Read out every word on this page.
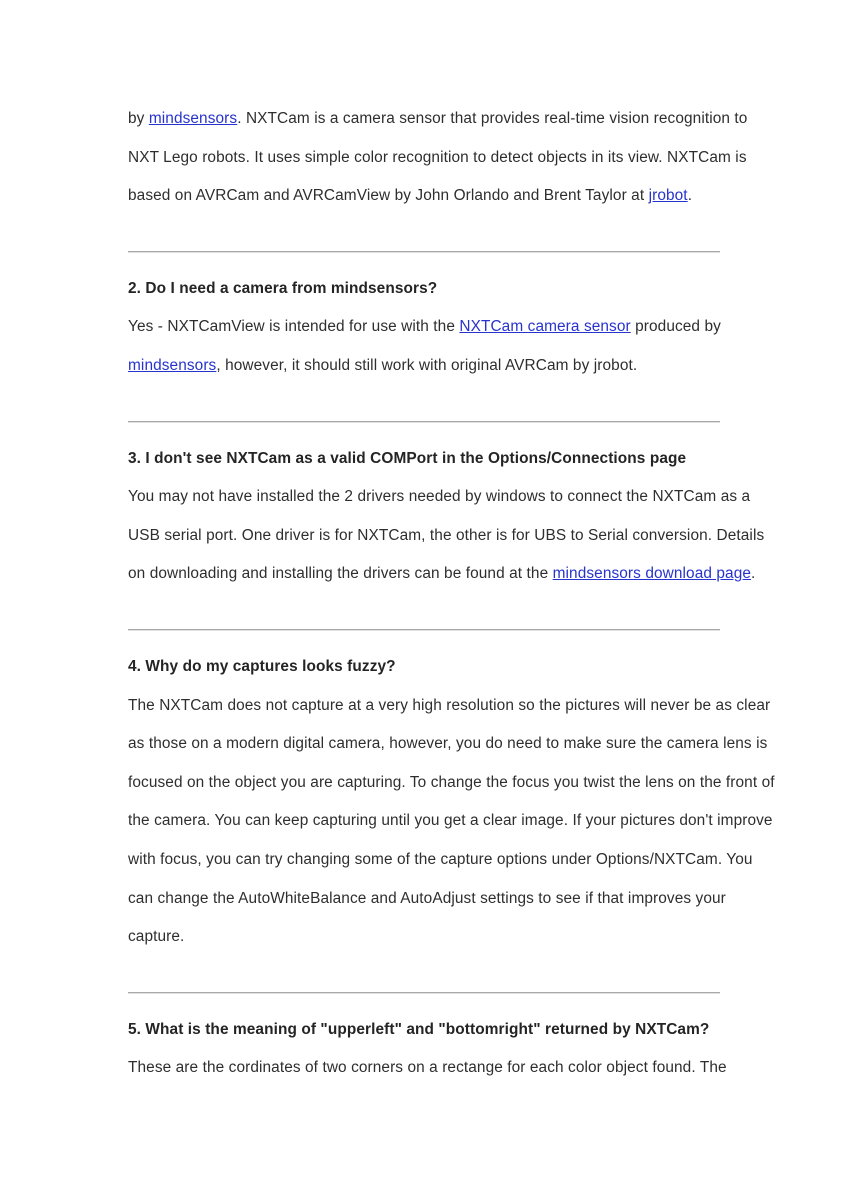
by mindsensors. NXTCam is a camera sensor that provides real-time vision recognition to
NXT Lego robots. It uses simple color recognition to detect objects in its view. NXTCam is
based on AVRCam and AVRCamView by John Orlando and Brent Taylor at jrobot.
2. Do I need a camera from mindsensors?
Yes - NXTCamView is intended for use with the NXTCam camera sensor produced by
mindsensors, however, it should still work with original AVRCam by jrobot.
3. I don't see NXTCam as a valid COMPort in the Options/Connections page
You may not have installed the 2 drivers needed by windows to connect the NXTCam as a
USB serial port. One driver is for NXTCam, the other is for UBS to Serial conversion. Details
on downloading and installing the drivers can be found at the mindsensors download page.
4. Why do my captures looks fuzzy?
The NXTCam does not capture at a very high resolution so the pictures will never be as clear
as those on a modern digital camera, however, you do need to make sure the camera lens is
focused on the object you are capturing. To change the focus you twist the lens on the front of
the camera. You can keep capturing until you get a clear image. If your pictures don't improve
with focus, you can try changing some of the capture options under Options/NXTCam. You
can change the AutoWhiteBalance and AutoAdjust settings to see if that improves your
capture.
5. What is the meaning of "upperleft" and "bottomright" returned by NXTCam?
These are the cordinates of two corners on a rectange for each color object found. The
